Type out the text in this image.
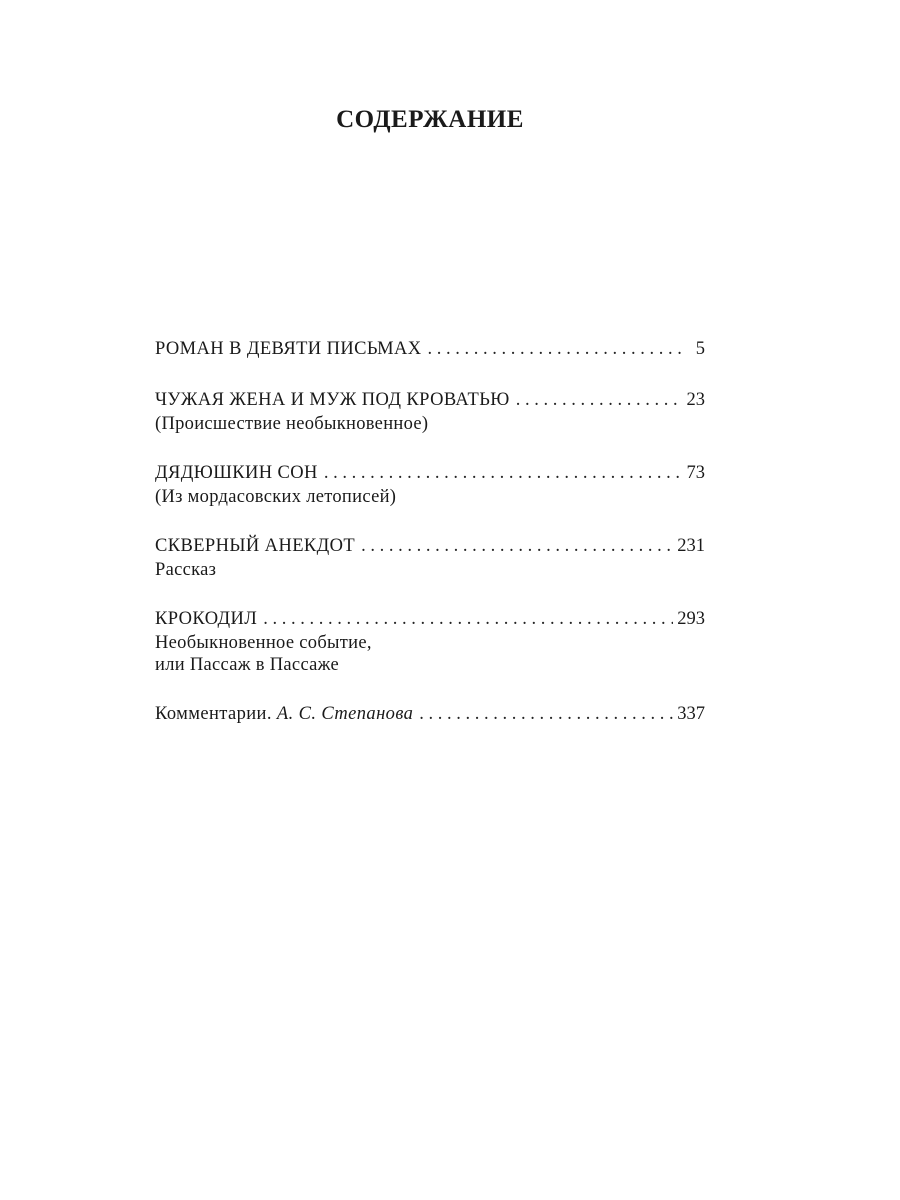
СОДЕРЖАНИЕ
РОМАН В ДЕВЯТИ ПИСЬМАХ . . .	5
ЧУЖАЯ ЖЕНА И МУЖ ПОД КРОВАТЬЮ . . .	23
(Происшествие необыкновенное)
ДЯДЮШКИН СОН . . .	73
(Из мордасовских летописей)
СКВЕРНЫЙ АНЕКДОТ . . .	231
Рассказ
КРОКОДИЛ . . .	293
Необыкновенное событие,
или Пассаж в Пассаже
Комментарии. А. С. Степанова . . .	337
